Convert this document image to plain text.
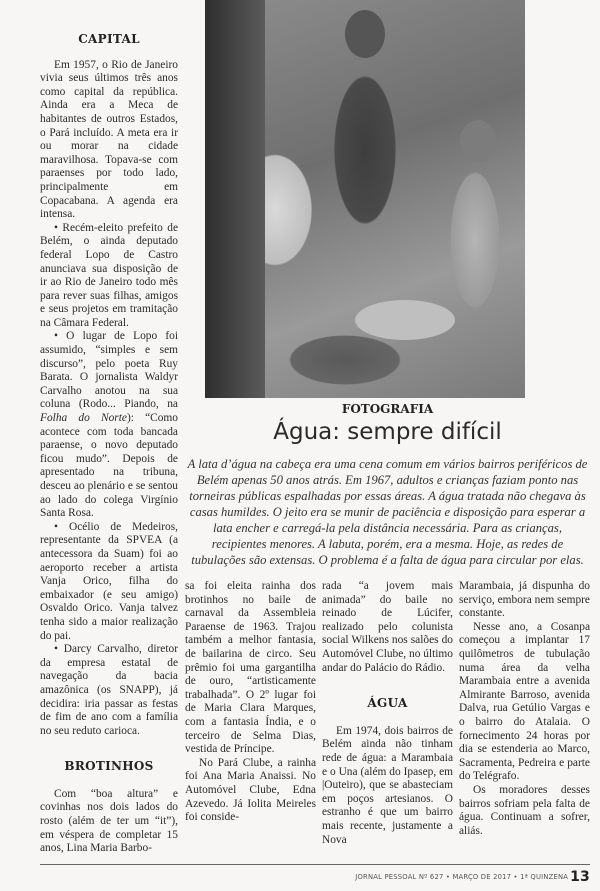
CAPITAL

Em 1957, o Rio de Janeiro vivia seus últimos três anos como capital da república. Ainda era a Meca de habitantes de outros Estados, o Pará incluído. A meta era ir ou morar na cidade maravilhosa. Topava-se com paraenses por todo lado, principalmente em Copacabana. A agenda era intensa.

• Recém-eleito prefeito de Belém, o ainda deputado federal Lopo de Castro anunciava sua disposição de ir ao Rio de Janeiro todo mês para rever suas filhas, amigos e seus projetos em tramitação na Câmara Federal.

• O lugar de Lopo foi assumido, “simples e sem discurso”, pelo poeta Ruy Barata. O jornalista Waldyr Carvalho anotou na sua coluna (Rodo... Piando, na Folha do Norte): “Como acontece com toda bancada paraense, o novo deputado ficou mudo”. Depois de apresentado na tribuna, desceu ao plenário e se sentou ao lado do colega Virgínio Santa Rosa.

• Océlio de Medeiros, representante da SPVEA (a antecessora da Suam) foi ao aeroporto receber a artista Vanja Orico, filha do embaixador (e seu amigo) Osvaldo Orico. Vanja talvez tenha sido a maior realização do pai.

• Darcy Carvalho, diretor da empresa estatal de navegação da bacia amazônica (os SNAPP), já decidira: iria passar as festas de fim de ano com a família no seu reduto carioca.

BROTINHOS

Com “boa altura” e covinhas nos dois lados do rosto (além de ter um “it”), em véspera de completar 15 anos, Lina Maria Barbo-

FOTOGRAFIA
Água: sempre difícil
A lata d’água na cabeça era uma cena comum em vários bairros periféricos de Belém apenas 50 anos atrás. Em 1967, adultos e crianças faziam ponto nas torneiras públicas espalhadas por essas áreas. A água tratada não chegava às casas humildes. O jeito era se munir de paciência e disposição para esperar a lata encher e carregá-la pela distância necessária. Para as crianças, recipientes menores. A labuta, porém, era a mesma. Hoje, as redes de tubulações são extensas. O problema é a falta de água para circular por elas.

sa foi eleita rainha dos brotinhos no baile de carnaval da Assembleia Paraense de 1963. Trajou também a melhor fantasia, de bailarina de circo. Seu prêmio foi uma gargantilha de ouro, “artisticamente trabalhada”. O 2º lugar foi de Maria Clara Marques, com a fantasia Índia, e o terceiro de Selma Dias, vestida de Príncipe.

No Pará Clube, a rainha foi Ana Maria Anaissi. No Automóvel Clube, Edna Azevedo. Já Iolita Meireles foi conside-

rada “a jovem mais animada” do baile no reinado de Lúcifer, realizado pelo colunista social Wilkens nos salões do Automóvel Clube, no último andar do Palácio do Rádio.

ÁGUA

Em 1974, dois bairros de Belém ainda não tinham rede de água: a Marambaia e o Una (além do Ipasep, em |Outeiro), que se abasteciam em poços artesianos. O estranho é que um bairro mais recente, justamente a Nova

Marambaia, já dispunha do serviço, embora nem sempre constante.

Nesse ano, a Cosanpa começou a implantar 17 quilômetros de tubulação numa área da velha Marambaia entre a avenida Almirante Barroso, avenida Dalva, rua Getúlio Vargas e o bairro do Atalaia. O fornecimento 24 horas por dia se estenderia ao Marco, Sacramenta, Pedreira e parte do Telégrafo.

Os moradores desses bairros sofriam pela falta de água. Continuam a sofrer, aliás.

JORNAL PESSOAL Nº 627 • MARÇO DE 2017 • 1ª QUINZENA 13
